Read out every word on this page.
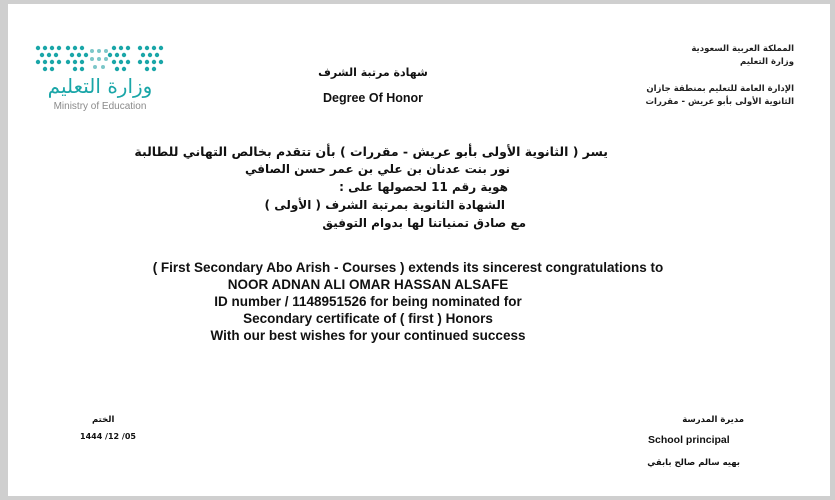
وزارة التعليم
Ministry of Education
المملكة العربية السعودية
وزارة التعليم
الإدارة العامة للتعليم بمنطقة جازان
الثانوية الأولى بأبو عريش - مقررات
شهادة مرتبة الشرف
Degree Of Honor
يسر ( الثانوية الأولى بأبو عريش - مقررات ) بأن تتقدم بخالص التهاني للطالبة
نور بنت عدنان بن علي بن عمر حسن الصافي
هوية رقم 11 لحصولها على :
الشهادة الثانوية بمرتبة الشرف ( الأولى )
مع صادق تمنياتنا لها بدوام التوفيق
( First Secondary Abo Arish - Courses ) extends its sincerest congratulations to
NOOR ADNAN ALI OMAR HASSAN ALSAFE
ID number / 1148951526 for being nominated for
Secondary certificate of ( first ) Honors
With our best wishes for your continued success
الختم
1444 /12 /05
مديرة المدرسة
School principal
بهيه سالم صالح بابقي
